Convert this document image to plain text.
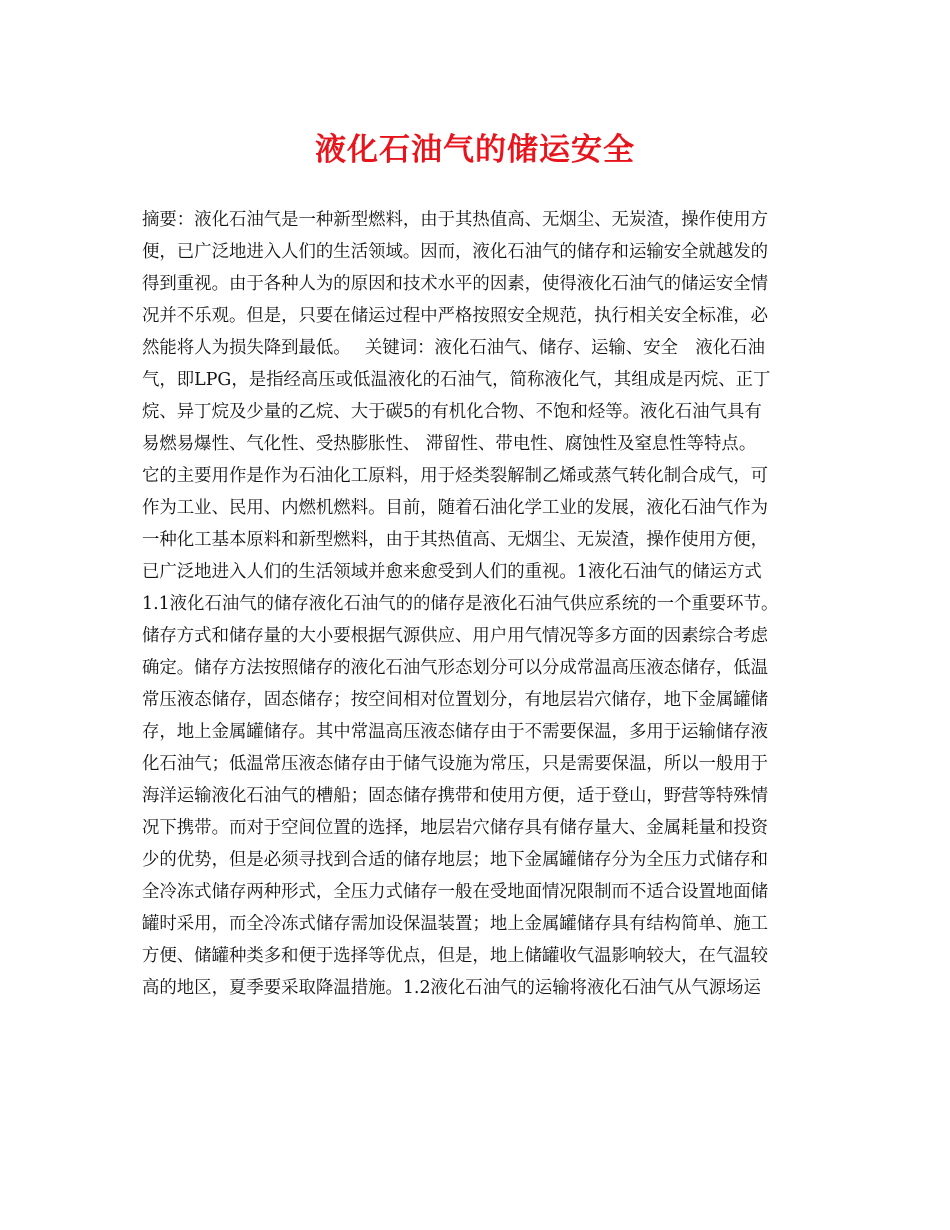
液化石油气的储运安全
摘要：液化石油气是一种新型燃料，由于其热值高、无烟尘、无炭渣，操作使用方
便，已广泛地进入人们的生活领域。因而，液化石油气的储存和运输安全就越发的
得到重视。由于各种人为的原因和技术水平的因素，使得液化石油气的储运安全情
况并不乐观。但是，只要在储运过程中严格按照安全规范，执行相关安全标准，必
然能将人为损失降到最低。　 关键词：液化石油气、储存、运输、安全　液化石油
气，即LPG，是指经高压或低温液化的石油气，简称液化气，其组成是丙烷、正丁
烷、异丁烷及少量的乙烷、大于碳5的有机化合物、不饱和烃等。液化石油气具有
易燃易爆性、气化性、受热膨胀性、 滞留性、带电性、腐蚀性及窒息性等特点。
它的主要用作是作为石油化工原料，用于烃类裂解制乙烯或蒸气转化制合成气，可
作为工业、民用、内燃机燃料。目前，随着石油化学工业的发展，液化石油气作为
一种化工基本原料和新型燃料，由于其热值高、无烟尘、无炭渣，操作使用方便，
已广泛地进入人们的生活领域并愈来愈受到人们的重视。1液化石油气的储运方式
1.1液化石油气的储存液化石油气的的储存是液化石油气供应系统的一个重要环节。
储存方式和储存量的大小要根据气源供应、用户用气情况等多方面的因素综合考虑
确定。储存方法按照储存的液化石油气形态划分可以分成常温高压液态储存，低温
常压液态储存，固态储存；按空间相对位置划分，有地层岩穴储存，地下金属罐储
存，地上金属罐储存。其中常温高压液态储存由于不需要保温，多用于运输储存液
化石油气；低温常压液态储存由于储气设施为常压，只是需要保温，所以一般用于
海洋运输液化石油气的槽船；固态储存携带和使用方便，适于登山，野营等特殊情
况下携带。而对于空间位置的选择，地层岩穴储存具有储存量大、金属耗量和投资
少的优势，但是必须寻找到合适的储存地层；地下金属罐储存分为全压力式储存和
全冷冻式储存两种形式，全压力式储存一般在受地面情况限制而不适合设置地面储
罐时采用，而全冷冻式储存需加设保温装置；地上金属罐储存具有结构简单、施工
方便、储罐种类多和便于选择等优点，但是，地上储罐收气温影响较大，在气温较
高的地区，夏季要采取降温措施。1.2液化石油气的运输将液化石油气从气源场运
